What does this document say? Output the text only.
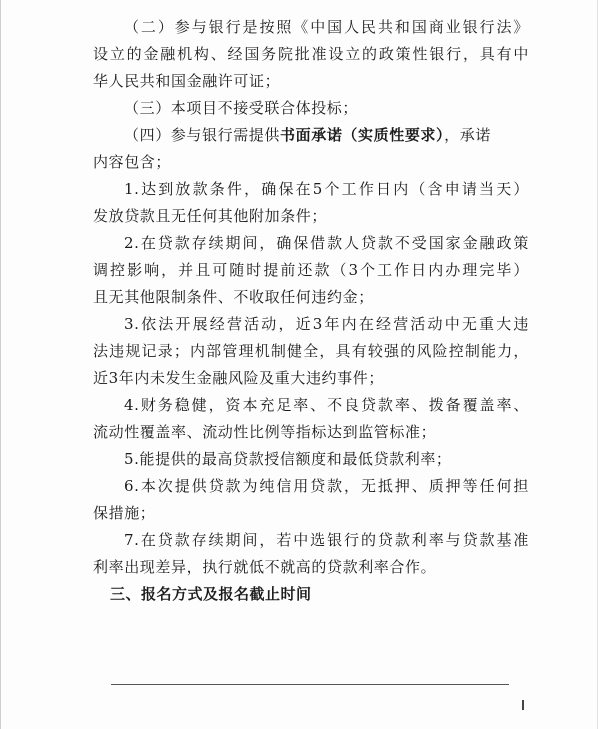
（二）参与银行是按照《中国人民共和国商业银行法》
设立的金融机构、经国务院批准设立的政策性银行，具有中
华人民共和国金融许可证；
（三）本项目不接受联合体投标；
（四）参与银行需提供书面承诺（实质性要求），承诺
内容包含；
1.达到放款条件，确保在5个工作日内（含申请当天）
发放贷款且无任何其他附加条件；
2.在贷款存续期间，确保借款人贷款不受国家金融政策
调控影响，并且可随时提前还款（3个工作日内办理完毕）
且无其他限制条件、不收取任何违约金；
3.依法开展经营活动，近3年内在经营活动中无重大违
法违规记录；内部管理机制健全，具有较强的风险控制能力，
近3年内未发生金融风险及重大违约事件；
4.财务稳健，资本充足率、不良贷款率、拨备覆盖率、
流动性覆盖率、流动性比例等指标达到监管标准；
5.能提供的最高贷款授信额度和最低贷款利率；
6.本次提供贷款为纯信用贷款，无抵押、质押等任何担
保措施；
7.在贷款存续期间，若中选银行的贷款利率与贷款基准
利率出现差异，执行就低不就高的贷款利率合作。
三、报名方式及报名截止时间
